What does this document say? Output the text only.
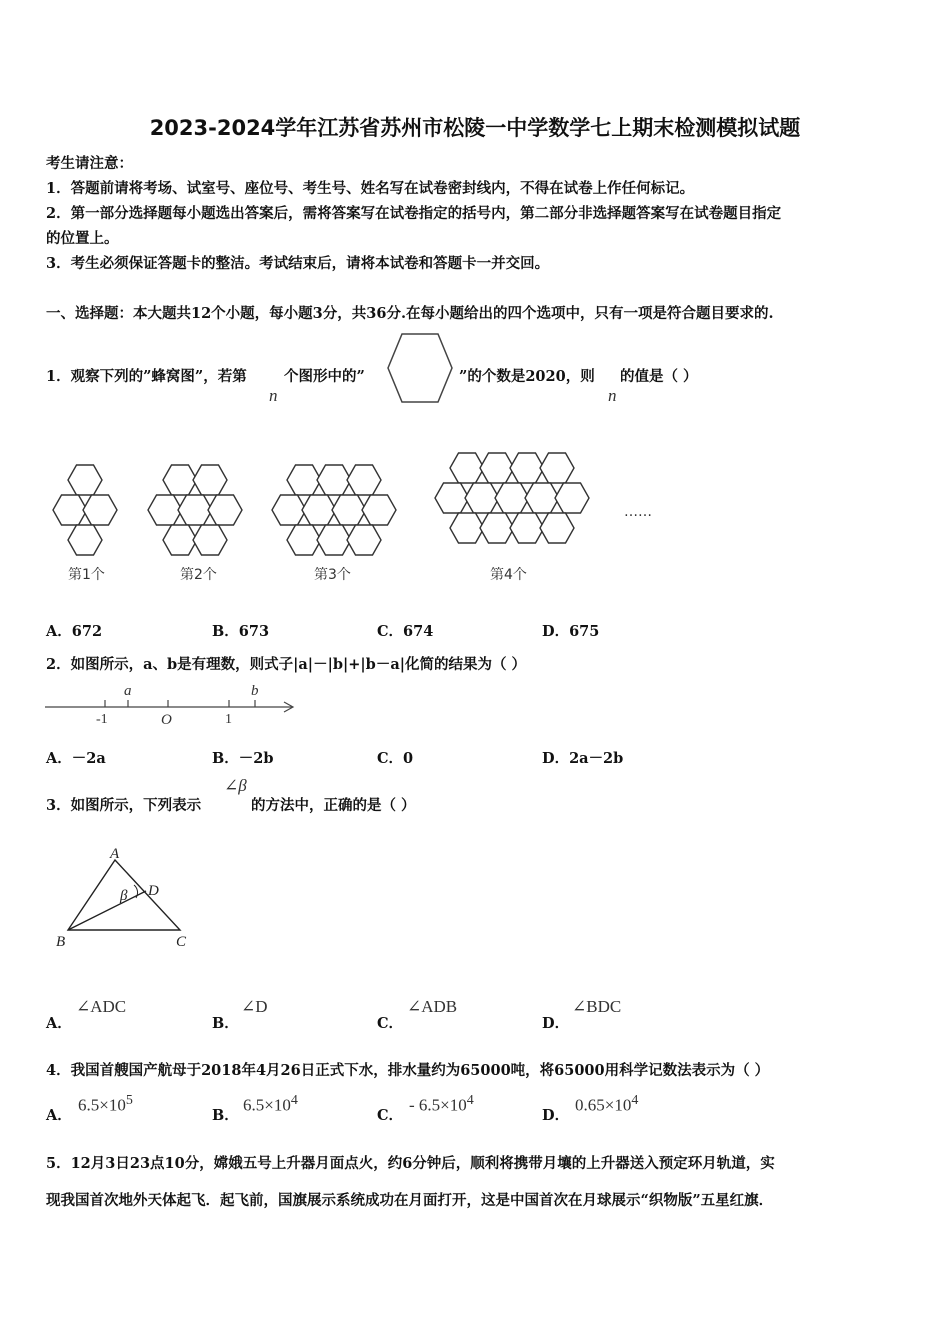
2023-2024学年江苏省苏州市松陵一中学数学七上期末检测模拟试题
考生请注意：
1．答题前请将考场、试室号、座位号、考生号、姓名写在试卷密封线内，不得在试卷上作任何标记。
2．第一部分选择题每小题选出答案后，需将答案写在试卷指定的括号内，第二部分非选择题答案写在试卷题目指定
的位置上。
3．考生必须保证答题卡的整洁。考试结束后，请将本试卷和答题卡一并交回。
一、选择题：本大题共12个小题，每小题3分，共36分.在每小题给出的四个选项中，只有一项是符合题目要求的.
1．观察下列的”蜂窝图”，若第	个图形中的”
n
”的个数是2020，则 的值是（ ）
n
第1个	第2个	第3个	第4个
……
A．672	B．673	C．674	D．675
2．如图所示，a、b是有理数，则式子|a|－|b|+|b－a|化简的结果为（ ）
a	b
-1	O	1
A．－2a	B．－2b	C．0	D．2a－2b
3．如图所示，下列表示
∠β
的方法中，正确的是（ ）
A
B	C
D
β
A．
∠ADC
B．
∠D
C．
∠ADB
D．
∠BDC
4．我国首艘国产航母于2018年4月26日正式下水，排水量约为65000吨，将65000用科学记数法表示为（ ）
A．
$6.5\times 10^5$
B．
$6.5\times 10^4$
C．
- $6.5\times 10^4$
D．
$0.65\times 10^4$
5．12月3日23点10分，嫦娥五号上升器月面点火，约6分钟后，顺利将携带月壤的上升器送入预定环月轨道，实
现我国首次地外天体起飞．起飞前，国旗展示系统成功在月面打开，这是中国首次在月球展示“织物版”五星红旗．
